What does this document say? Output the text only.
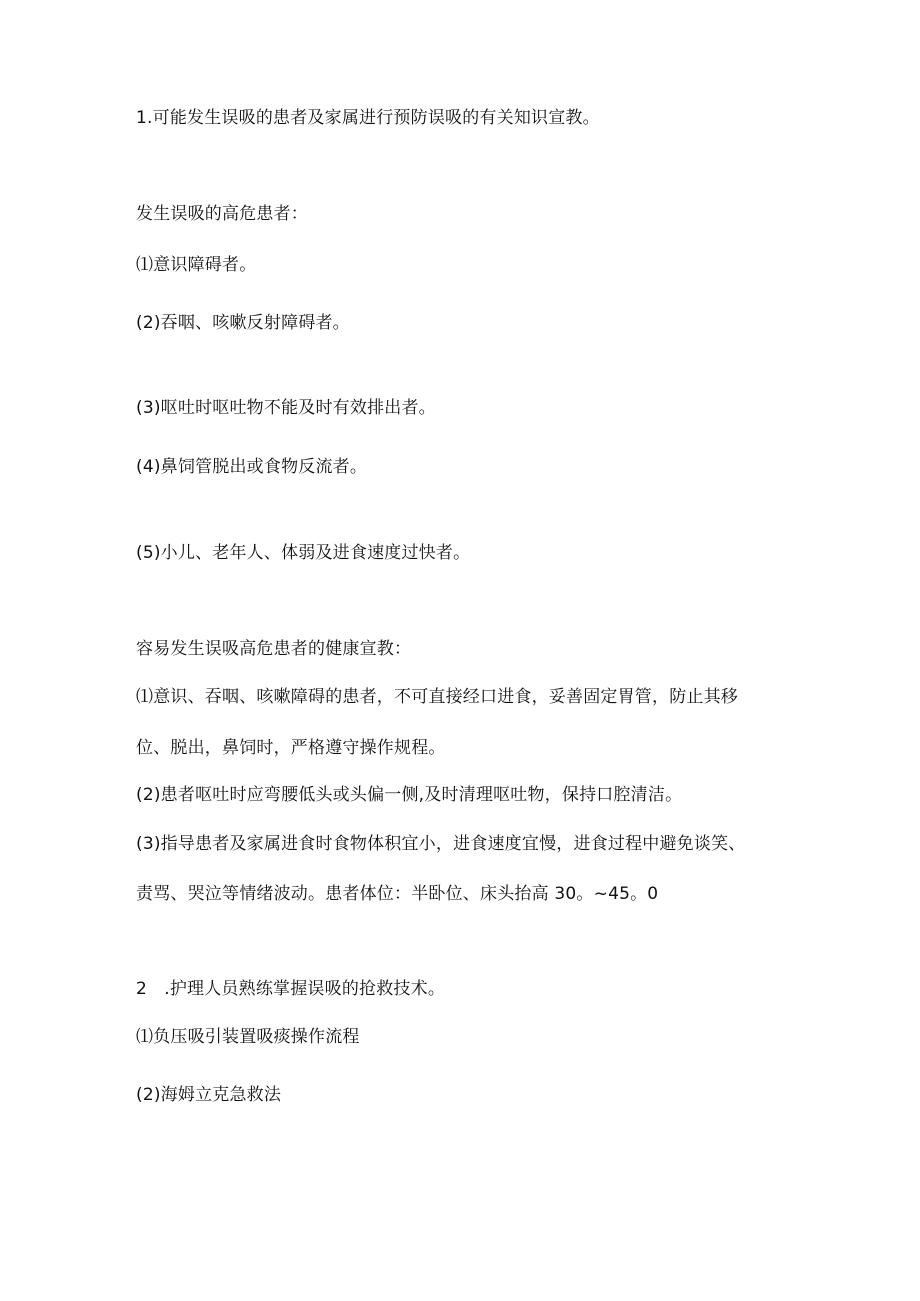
1.可能发生误吸的患者及家属进行预防误吸的有关知识宣教。

发生误吸的高危患者：

⑴意识障碍者。

(2)吞咽、咳嗽反射障碍者。

(3)呕吐时呕吐物不能及时有效排出者。

(4)鼻饲管脱出或食物反流者。

(5)小儿、老年人、体弱及进食速度过快者。

容易发生误吸高危患者的健康宣教：

⑴意识、吞咽、咳嗽障碍的患者，不可直接经口进食，妥善固定胃管，防止其移

位、脱出，鼻饲时，严格遵守操作规程。

(2)患者呕吐时应弯腰低头或头偏一侧,及时清理呕吐物，保持口腔清洁。

(3)指导患者及家属进食时食物体积宜小，进食速度宜慢，进食过程中避免谈笑、

责骂、哭泣等情绪波动。患者体位：半卧位、床头抬高 30。~45。0

2　.护理人员熟练掌握误吸的抢救技术。

⑴负压吸引装置吸痰操作流程

(2)海姆立克急救法
